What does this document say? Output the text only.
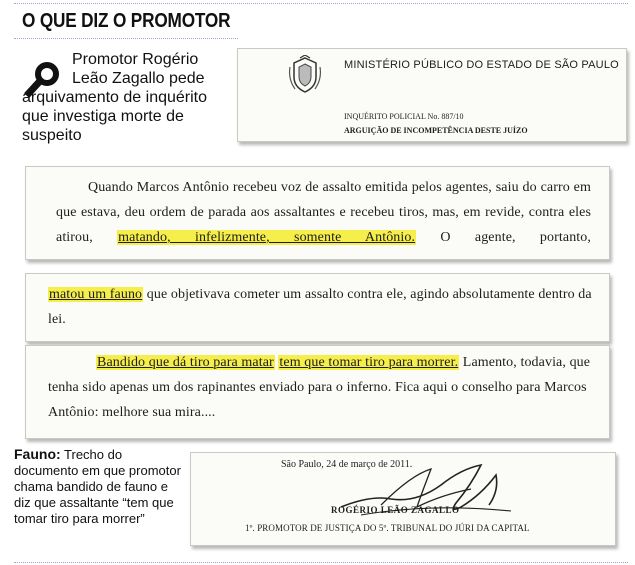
O QUE DIZ O PROMOTOR
Promotor Rogério Leão Zagallo pede arquivamento de inquérito que investiga morte de suspeito
MINISTÉRIO PÚBLICO DO ESTADO DE SÃO PAULO
INQUÉRITO POLICIAL No. 887/10
ARGUIÇÃO DE INCOMPETÊNCIA DESTE JUÍZO
Quando Marcos Antônio recebeu voz de assalto emitida pelos agentes, saiu do carro em que estava, deu ordem de parada aos assaltantes e recebeu tiros, mas, em revide, contra eles atirou, matando, infelizmente, somente Antônio. O agente, portanto,
matou um fauno que objetivava cometer um assalto contra ele, agindo absolutamente dentro da lei.
Bandido que dá tiro para matar tem que tomar tiro para morrer. Lamento, todavia, que tenha sido apenas um dos rapinantes enviado para o inferno. Fica aqui o conselho para Marcos Antônio: melhore sua mira....
Fauno: Trecho do documento em que promotor chama bandido de fauno e diz que assaltante “tem que tomar tiro para morrer”
São Paulo, 24 de março de 2011.
ROGÉRIO LEÃO ZAGALLO
1º. PROMOTOR DE JUSTIÇA DO 5º. TRIBUNAL DO JÚRI DA CAPITAL
